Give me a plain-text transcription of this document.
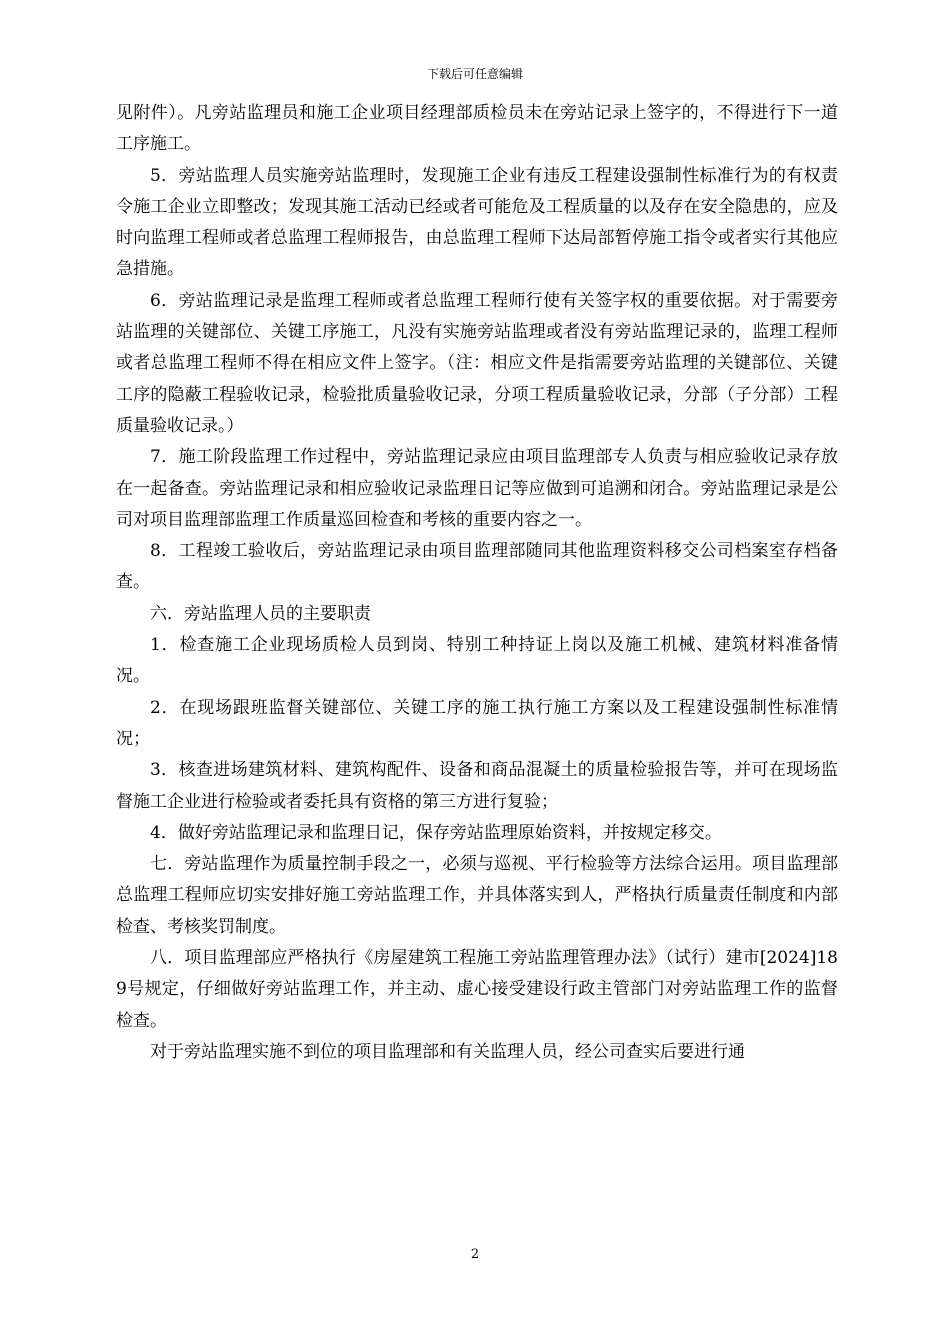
下载后可任意编辑

见附件）。凡旁站监理员和施工企业项目经理部质检员未在旁站记录上签字的，不得进行下一道工序施工。

5．旁站监理人员实施旁站监理时，发现施工企业有违反工程建设强制性标准行为的有权责令施工企业立即整改；发现其施工活动已经或者可能危及工程质量的以及存在安全隐患的，应及时向监理工程师或者总监理工程师报告，由总监理工程师下达局部暂停施工指令或者实行其他应急措施。

6．旁站监理记录是监理工程师或者总监理工程师行使有关签字权的重要依据。对于需要旁站监理的关键部位、关键工序施工，凡没有实施旁站监理或者没有旁站监理记录的，监理工程师或者总监理工程师不得在相应文件上签字。（注：相应文件是指需要旁站监理的关键部位、关键工序的隐蔽工程验收记录，检验批质量验收记录，分项工程质量验收记录，分部（子分部）工程质量验收记录。）

7．施工阶段监理工作过程中，旁站监理记录应由项目监理部专人负责与相应验收记录存放在一起备查。旁站监理记录和相应验收记录监理日记等应做到可追溯和闭合。旁站监理记录是公司对项目监理部监理工作质量巡回检查和考核的重要内容之一。

8．工程竣工验收后，旁站监理记录由项目监理部随同其他监理资料移交公司档案室存档备查。

六．旁站监理人员的主要职责

1．检查施工企业现场质检人员到岗、特别工种持证上岗以及施工机械、建筑材料准备情况。

2．在现场跟班监督关键部位、关键工序的施工执行施工方案以及工程建设强制性标准情况；

3．核查进场建筑材料、建筑构配件、设备和商品混凝土的质量检验报告等，并可在现场监督施工企业进行检验或者委托具有资格的第三方进行复验；

4．做好旁站监理记录和监理日记，保存旁站监理原始资料，并按规定移交。

七．旁站监理作为质量控制手段之一，必须与巡视、平行检验等方法综合运用。项目监理部总监理工程师应切实安排好施工旁站监理工作，并具体落实到人，严格执行质量责任制度和内部检查、考核奖罚制度。

八．项目监理部应严格执行《房屋建筑工程施工旁站监理管理办法》（试行）建市[2024]189号规定，仔细做好旁站监理工作，并主动、虚心接受建设行政主管部门对旁站监理工作的监督检查。

对于旁站监理实施不到位的项目监理部和有关监理人员，经公司查实后要进行通

2
